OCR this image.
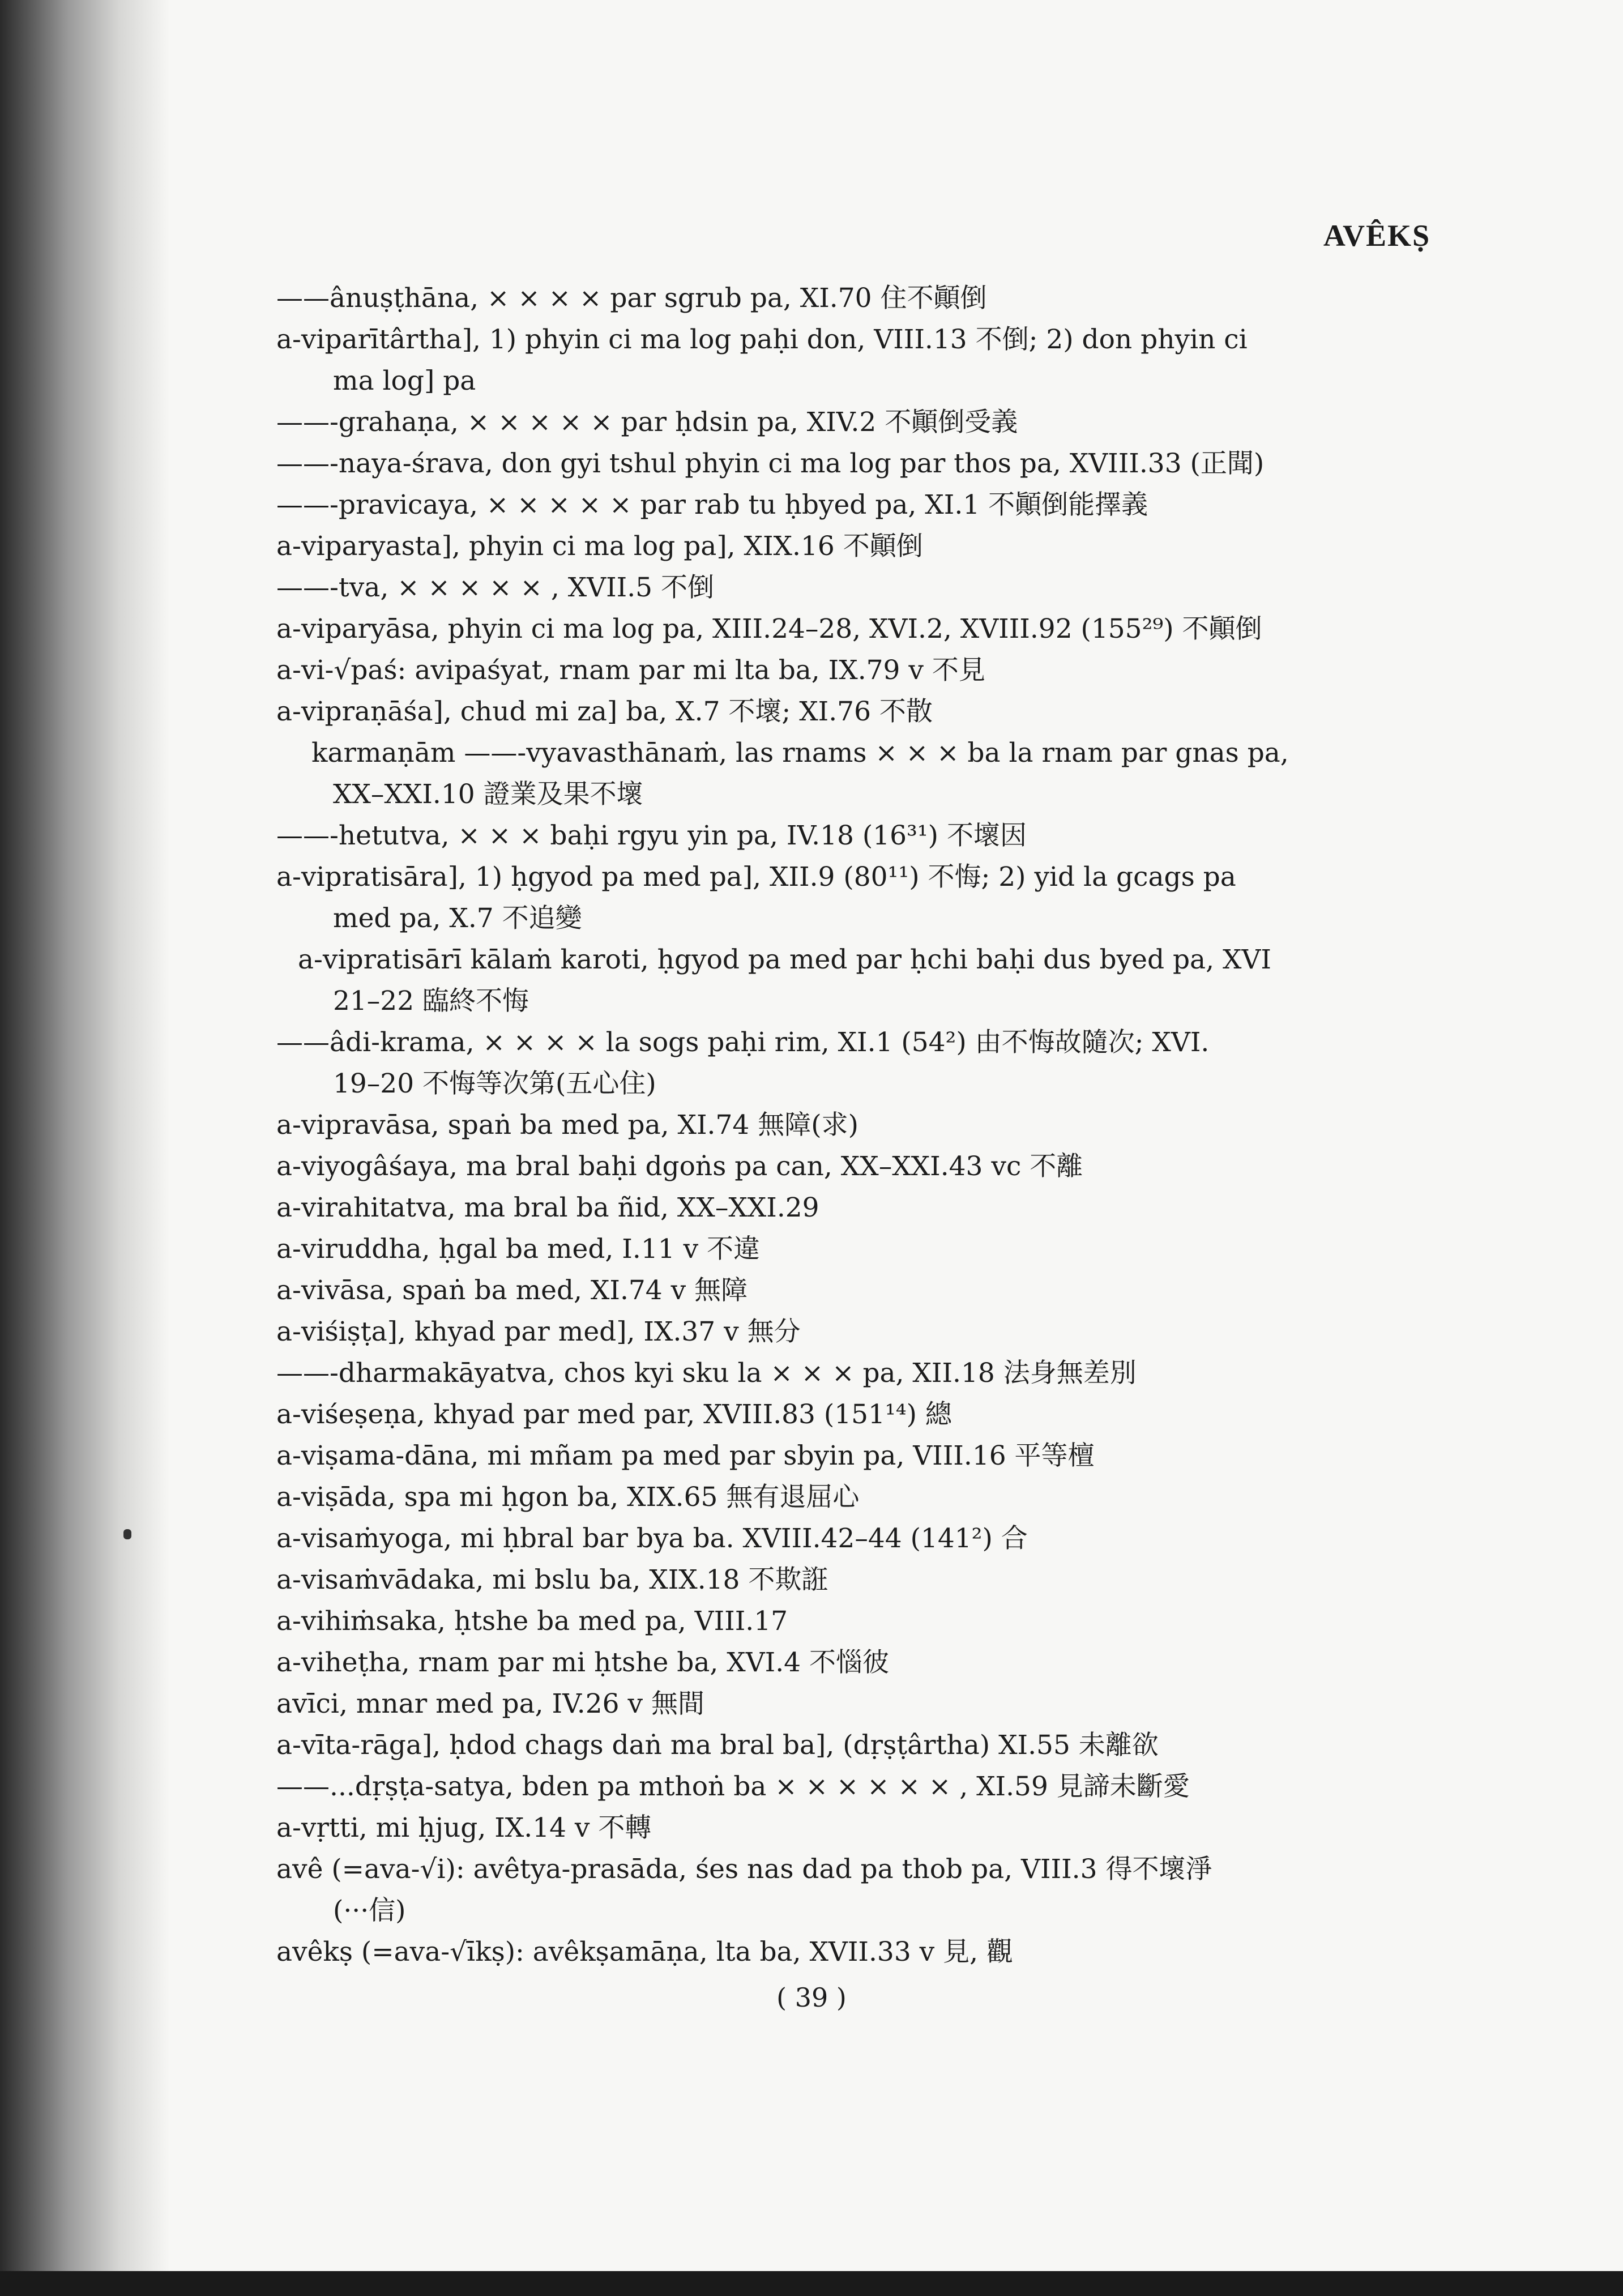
AVÊKṢ
——ânuṣṭhāna, × × × × par sgrub pa, XI.70 住不顚倒
a-viparītârtha], 1) phyin ci ma log paḥi don, VIII.13 不倒; 2) don phyin ci
ma log] pa
——-grahaṇa, × × × × × par ḥdsin pa, XIV.2 不顚倒受義
——-naya-śrava, don gyi tshul phyin ci ma log par thos pa, XVIII.33 (正聞)
——-pravicaya, × × × × × par rab tu ḥbyed pa, XI.1 不顚倒能擇義
a-viparyasta], phyin ci ma log pa], XIX.16 不顚倒
——-tva, × × × × × , XVII.5 不倒
a-viparyāsa, phyin ci ma log pa, XIII.24–28, XVI.2, XVIII.92 (155²⁹) 不顚倒
a-vi-√paś: avipaśyat, rnam par mi lta ba, IX.79 v 不見
a-vipraṇāśa], chud mi za] ba, X.7 不壞; XI.76 不散
karmaṇām ——-vyavasthānaṁ, las rnams × × × ba la rnam par gnas pa,
XX–XXI.10 證業及果不壞
——-hetutva, × × × baḥi rgyu yin pa, IV.18 (16³¹) 不壞因
a-vipratisāra], 1) ḥgyod pa med pa], XII.9 (80¹¹) 不悔; 2) yid la gcags pa
med pa, X.7 不追變
a-vipratisārī kālaṁ karoti, ḥgyod pa med par ḥchi baḥi dus byed pa, XVI
21–22 臨終不悔
——âdi-krama, × × × × la sogs paḥi rim, XI.1 (54²) 由不悔故隨次; XVI.
19–20 不悔等次第(五心住)
a-vipravāsa, spaṅ ba med pa, XI.74 無障(求)
a-viyogâśaya, ma bral baḥi dgoṅs pa can, XX–XXI.43 vc 不離
a-virahitatva, ma bral ba ñid, XX–XXI.29
a-viruddha, ḥgal ba med, I.11 v 不違
a-vivāsa, spaṅ ba med, XI.74 v 無障
a-viśiṣṭa], khyad par med], IX.37 v 無分
——-dharmakāyatva, chos kyi sku la × × × pa, XII.18 法身無差別
a-viśeṣeṇa, khyad par med par, XVIII.83 (151¹⁴) 總
a-viṣama-dāna, mi mñam pa med par sbyin pa, VIII.16 平等檀
a-viṣāda, spa mi ḥgon ba, XIX.65 無有退屈心
a-visaṁyoga, mi ḥbral bar bya ba. XVIII.42–44 (141²) 合
a-visaṁvādaka, mi bslu ba, XIX.18 不欺誑
a-vihiṁsaka, ḥtshe ba med pa, VIII.17
a-viheṭha, rnam par mi ḥtshe ba, XVI.4 不惱彼
avīci, mnar med pa, IV.26 v 無間
a-vīta-rāga], ḥdod chags daṅ ma bral ba], (dṛṣṭârtha) XI.55 未離欲
——...dṛṣṭa-satya, bden pa mthoṅ ba × × × × × × , XI.59 見諦未斷愛
a-vṛtti, mi ḥjug, IX.14 v 不轉
avê (=ava-√i): avêtya-prasāda, śes nas dad pa thob pa, VIII.3 得不壞淨
(···信)
avêkṣ (=ava-√īkṣ): avêkṣamāṇa, lta ba, XVII.33 v 見, 觀
( 39 )
